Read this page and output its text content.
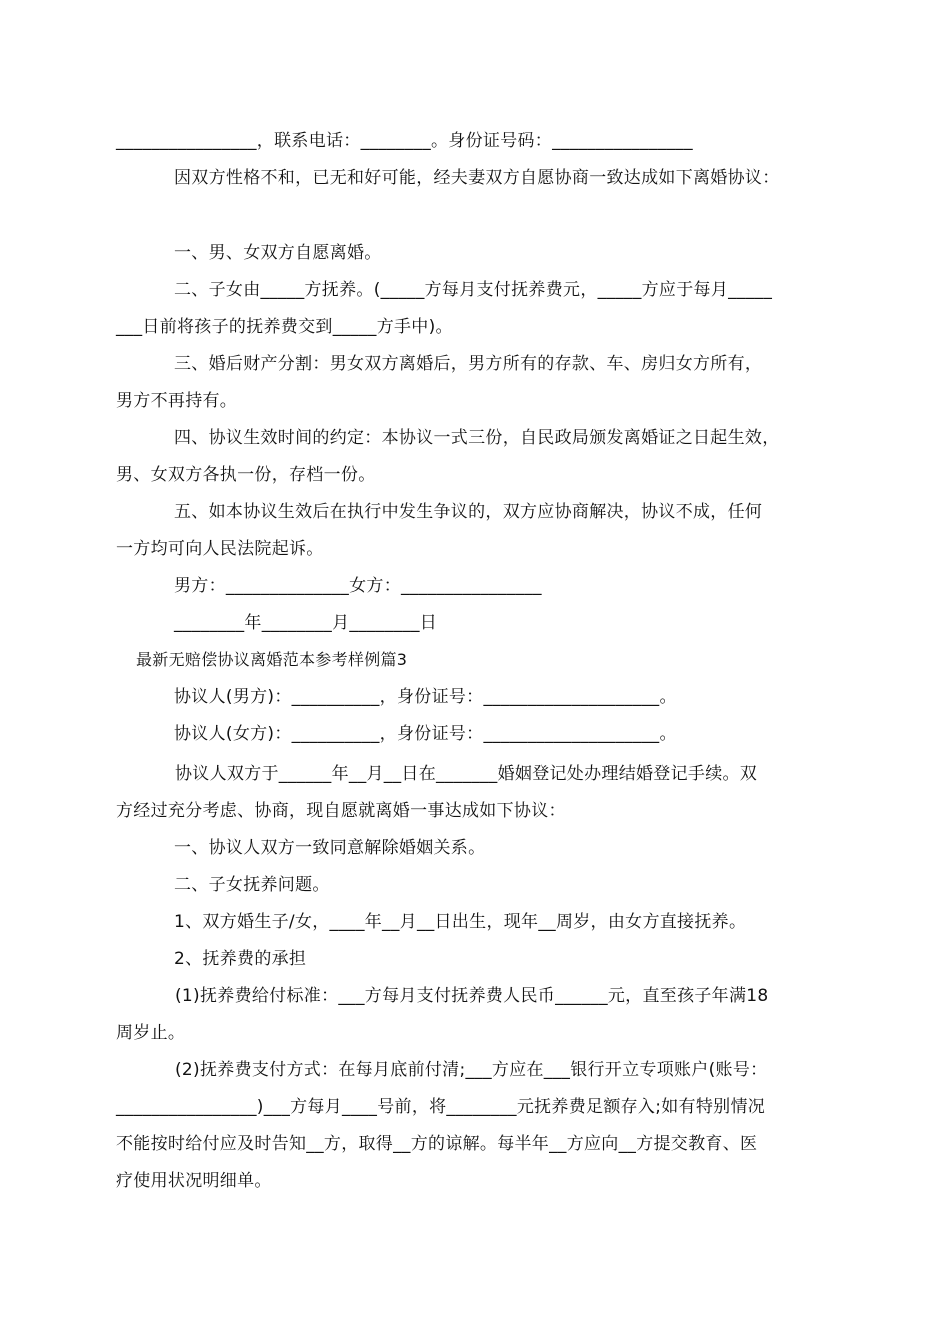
________________，联系电话：________。身份证号码：________________
因双方性格不和，已无和好可能，经夫妻双方自愿协商一致达成如下离婚协议：
一、男、女双方自愿离婚。
二、子女由_____方抚养。(_____方每月支付抚养费元，_____方应于每月_____
___日前将孩子的抚养费交到_____方手中)。
三、婚后财产分割：男女双方离婚后，男方所有的存款、车、房归女方所有，
男方不再持有。
四、协议生效时间的约定：本协议一式三份，自民政局颁发离婚证之日起生效，
男、女双方各执一份，存档一份。
五、如本协议生效后在执行中发生争议的，双方应协商解决，协议不成，任何
一方均可向人民法院起诉。
男方：______________女方：________________
________年________月________日
最新无赔偿协议离婚范本参考样例篇3
协议人(男方)：__________，身份证号：____________________。
协议人(女方)：__________，身份证号：____________________。
协议人双方于______年__月__日在_______婚姻登记处办理结婚登记手续。双
方经过充分考虑、协商，现自愿就离婚一事达成如下协议：
一、协议人双方一致同意解除婚姻关系。
二、子女抚养问题。
1、双方婚生子/女，____年__月__日出生，现年__周岁，由女方直接抚养。
2、抚养费的承担
(1)抚养费给付标准：___方每月支付抚养费人民币______元，直至孩子年满18
周岁止。
(2)抚养费支付方式：在每月底前付清;___方应在___银行开立专项账户(账号：
________________)___方每月____号前，将________元抚养费足额存入;如有特别情况
不能按时给付应及时告知__方，取得__方的谅解。每半年__方应向__方提交教育、医
疗使用状况明细单。
